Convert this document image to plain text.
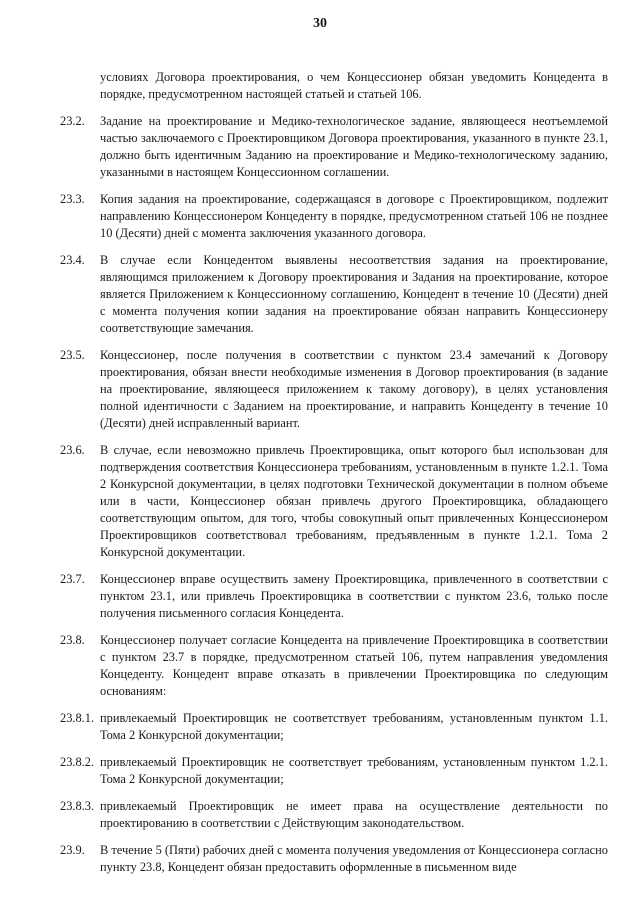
30
условиях Договора проектирования, о чем Концессионер обязан уведомить Концедента в порядке, предусмотренном настоящей статьей и статьей 106.
23.2. Задание на проектирование и Медико-технологическое задание, являющееся неотъемлемой частью заключаемого с Проектировщиком Договора проектирования, указанного в пункте 23.1, должно быть идентичным Заданию на проектирование и Медико-технологическому заданию, указанными в настоящем Концессионном соглашении.
23.3. Копия задания на проектирование, содержащаяся в договоре с Проектировщиком, подлежит направлению Концессионером Концеденту в порядке, предусмотренном статьей 106 не позднее 10 (Десяти) дней с момента заключения указанного договора.
23.4. В случае если Концедентом выявлены несоответствия задания на проектирование, являющимся приложением к Договору проектирования и Задания на проектирование, которое является Приложением к Концессионному соглашению, Концедент в течение 10 (Десяти) дней с момента получения копии задания на проектирование обязан направить Концессионеру соответствующие замечания.
23.5. Концессионер, после получения в соответствии с пунктом 23.4 замечаний к Договору проектирования, обязан внести необходимые изменения в Договор проектирования (в задание на проектирование, являющееся приложением к такому договору), в целях установления полной идентичности с Заданием на проектирование, и направить Концеденту в течение 10 (Десяти) дней исправленный вариант.
23.6. В случае, если невозможно привлечь Проектировщика, опыт которого был использован для подтверждения соответствия Концессионера требованиям, установленным в пункте 1.2.1. Тома 2 Конкурсной документации, в целях подготовки Технической документации в полном объеме или в части, Концессионер обязан привлечь другого Проектировщика, обладающего соответствующим опытом, для того, чтобы совокупный опыт привлеченных Концессионером Проектировщиков соответствовал требованиям, предъявленным в пункте 1.2.1. Тома 2 Конкурсной документации.
23.7. Концессионер вправе осуществить замену Проектировщика, привлеченного в соответствии с пунктом 23.1, или привлечь Проектировщика в соответствии с пунктом 23.6, только после получения письменного согласия Концедента.
23.8. Концессионер получает согласие Концедента на привлечение Проектировщика в соответствии с пунктом 23.7 в порядке, предусмотренном статьей 106, путем направления уведомления Концеденту. Концедент вправе отказать в привлечении Проектировщика по следующим основаниям:
23.8.1. привлекаемый Проектировщик не соответствует требованиям, установленным пунктом 1.1. Тома 2 Конкурсной документации;
23.8.2. привлекаемый Проектировщик не соответствует требованиям, установленным пунктом 1.2.1. Тома 2 Конкурсной документации;
23.8.3. привлекаемый Проектировщик не имеет права на осуществление деятельности по проектированию в соответствии с Действующим законодательством.
23.9. В течение 5 (Пяти) рабочих дней с момента получения уведомления от Концессионера согласно пункту 23.8, Концедент обязан предоставить оформленные в письменном виде
